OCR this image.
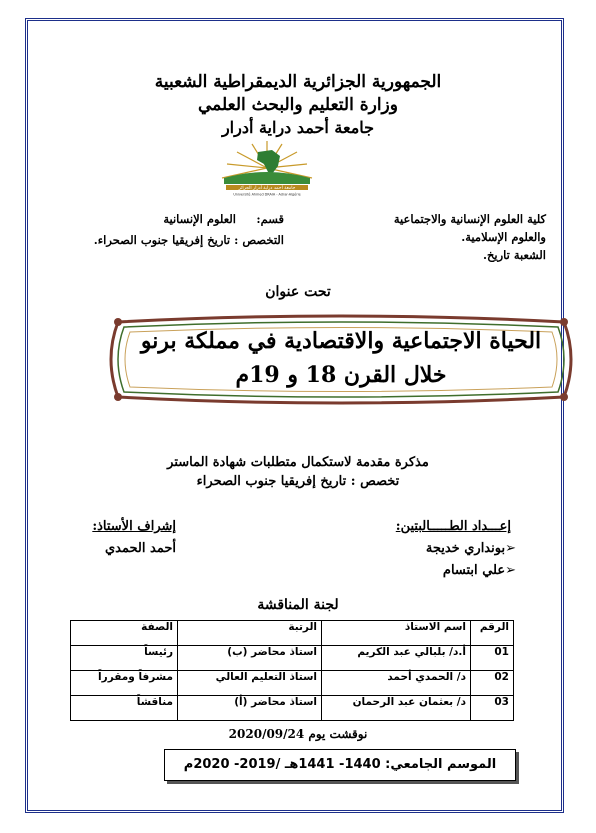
الجمهورية الجزائرية الديمقراطية الشعبية
وزارة التعليم والبحث العلمي
جامعة أحمد دراية أدرار
جامعة أحمد دراية أدرار الجزائر
Université Ahmed DRAIA - Adrar-Algérie
كلية العلوم الإنسانية والاجتماعية
والعلوم الإسلامية.
الشعبة تاريخ.
قسم:
العلوم الإنسانية
التخصص : تاريخ إفريقيا جنوب الصحراء.
تحت عنوان
الحياة الاجتماعية والاقتصادية في مملكة برنو
خلال القرن 18 و 19م
مذكرة مقدمة لاستكمال متطلبات شهادة الماستر
تخصص : تاريخ إفريقيا جنوب الصحراء
إعـــداد الطـــــالبتين:
➢بونداري خديجة
➢علي ابتسام
إشراف الأستاذ:
أحمد الحمدي
لجنة المناقشة
الرقم	اسم الاستاذ	الرتبة	الصفة
01	أ.د/ بلبالي عبد الكريم	استاذ محاضر (ب)	رئيساً
02	د/ الحمدي أحمد	استاذ التعليم العالي	مشرفاً ومقرراً
03	د/ بعثمان عبد الرحمان	استاذ محاضر (أ)	مناقشاً
نوقشت يوم 2020/09/24
الموسم الجامعي: 1440- 1441هـ /2019- 2020م
